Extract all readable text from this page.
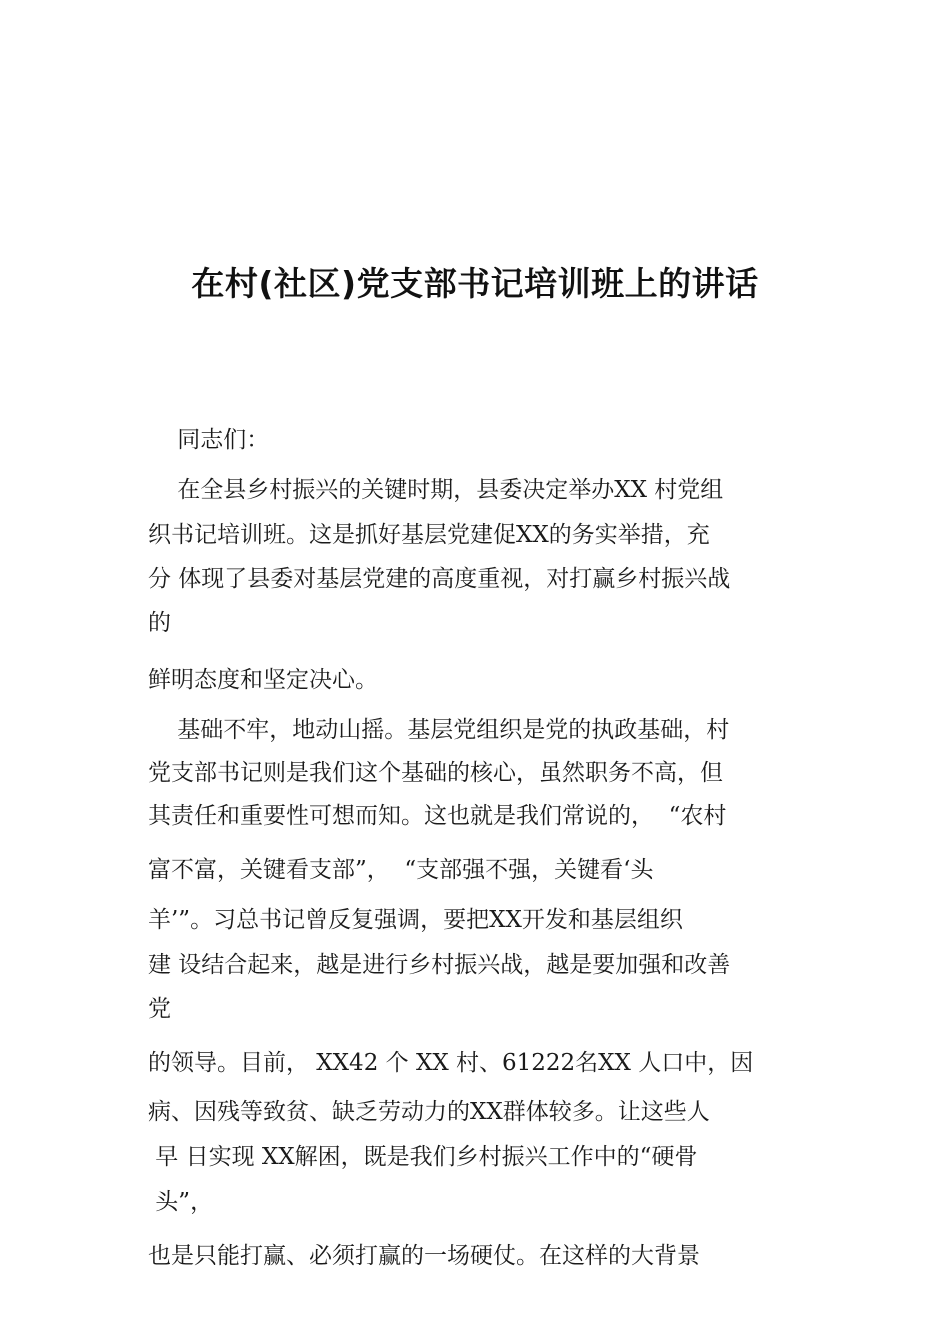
在村(社区)党支部书记培训班上的讲话
同志们：
在全县乡村振兴的关键时期，县委决定举办XX 村党组
织书记培训班。这是抓好基层党建促XX的务实举措，充
分 体现了县委对基层党建的高度重视，对打赢乡村振兴战
的
鲜明态度和坚定决心。
基础不牢，地动山摇。基层党组织是党的执政基础，村
党支部书记则是我们这个基础的核心，虽然职务不高，但
其责任和重要性可想而知。这也就是我们常说的，  “农村
富不富，关键看支部”，  “支部强不强，关键看‘头
羊’”。习总书记曾反复强调，要把XX开发和基层组织
建 设结合起来，越是进行乡村振兴战，越是要加强和改善
党
的领导。目前， XX42 个 XX 村、61222名XX 人口中，因
病、因残等致贫、缺乏劳动力的XX群体较多。让这些人
早 日实现 XX解困，既是我们乡村振兴工作中的“硬骨
头”，
也是只能打赢、必须打赢的一场硬仗。在这样的大背景
